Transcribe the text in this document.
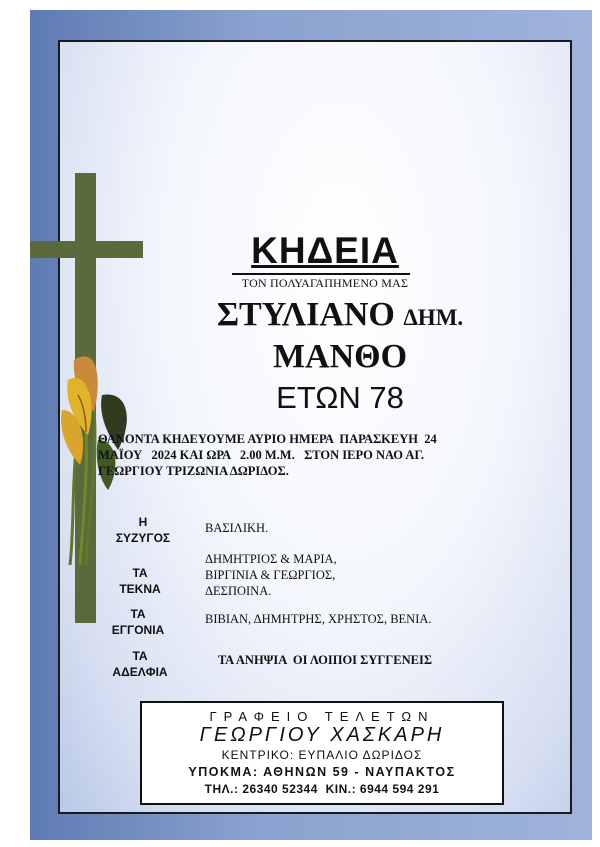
ΚΗΔΕΙΑ
ΤΟΝ ΠΟΛΥΑΓΑΠΗΜΕΝΟ ΜΑΣ
ΣΤΥΛΙΑΝΟ ΔΗΜ.
ΜΑΝΘΟ
ΕΤΩΝ 78
ΘΑΝΟΝΤΑ ΚΗΔΕΥΟΥΜΕ ΑΥΡΙΟ ΗΜΕΡΑ  ΠΑΡΑΣΚΕΥΗ  24
ΜΑΪΟΥ   2024 ΚΑΙ ΩΡΑ   2.00 Μ.Μ.   ΣΤΟΝ ΙΕΡΟ ΝΑΟ ΑΓ.
ΓΕΩΡΓΙΟΥ ΤΡΙΖΩΝΙΑ ΔΩΡΙΔΟΣ.
Η
ΣΥΖΥΓΟΣ
ΒΑΣΙΛΙΚΗ.
ΤΑ
ΤΕΚΝΑ
ΔΗΜΗΤΡΙΟΣ & ΜΑΡΙΑ,
ΒΙΡΓΙΝΙΑ & ΓΕΩΡΓΙΟΣ,
ΔΕΣΠΟΙΝΑ.
ΤΑ
ΕΓΓΟΝΙΑ
ΒΙΒΙΑΝ, ΔΗΜΗΤΡΗΣ, ΧΡΗΣΤΟΣ, ΒΕΝΙΑ.
ΤΑ
ΑΔΕΛΦΙΑ
ΤΑ ΑΝΗΨΙΑ  ΟΙ ΛΟΙΠΟΙ ΣΥΓΓΕΝΕΙΣ
ΓΡΑΦΕΙΟ ΤΕΛΕΤΩΝ
ΓΕΩΡΓΙΟΥ ΧΑΣΚΑΡΗ
ΚΕΝΤΡΙΚΟ: ΕΥΠΑΛΙΟ ΔΩΡΙΔΟΣ
ΥΠΟΚΜΑ: ΑΘΗΝΩΝ 59 - ΝΑΥΠΑΚΤΟΣ
ΤΗΛ.: 26340 52344  ΚΙΝ.: 6944 594 291
